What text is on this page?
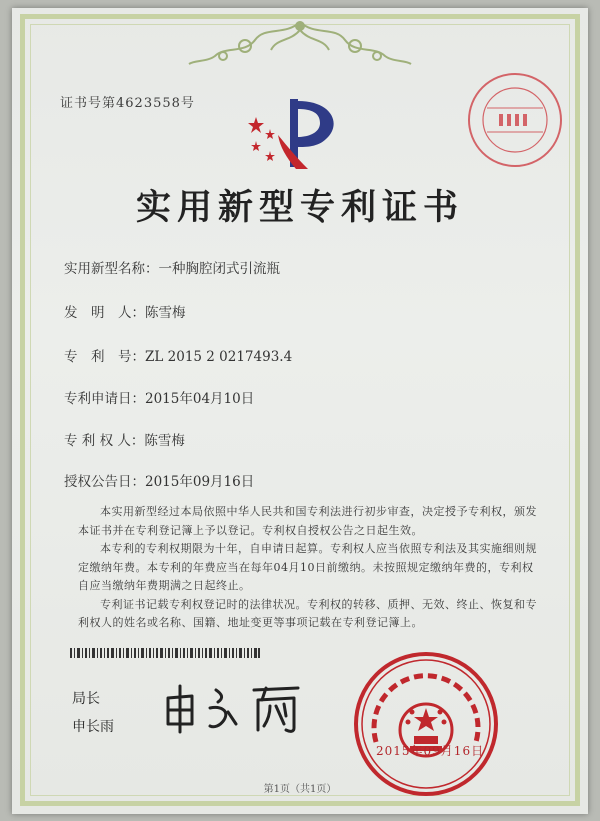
证书号第4623558号
实用新型专利证书
实用新型名称：一种胸腔闭式引流瓶
发　明　人：陈雪梅
专　利　号：ZL 2015 2 0217493.4
专利申请日：2015年04月10日
专 利 权 人：陈雪梅
授权公告日：2015年09月16日

本实用新型经过本局依照中华人民共和国专利法进行初步审查，决定授予专利权，颁发本证书并在专利登记簿上予以登记。专利权自授权公告之日起生效。

本专利的专利权期限为十年，自申请日起算。专利权人应当依照专利法及其实施细则规定缴纳年费。本专利的年费应当在每年04月10日前缴纳。未按照规定缴纳年费的，专利权自应当缴纳年费期满之日起终止。

专利证书记载专利权登记时的法律状况。专利权的转移、质押、无效、终止、恢复和专利权人的姓名或名称、国籍、地址变更等事项记载在专利登记簿上。

局长
申长雨
2015年09月16日
第1页（共1页）
